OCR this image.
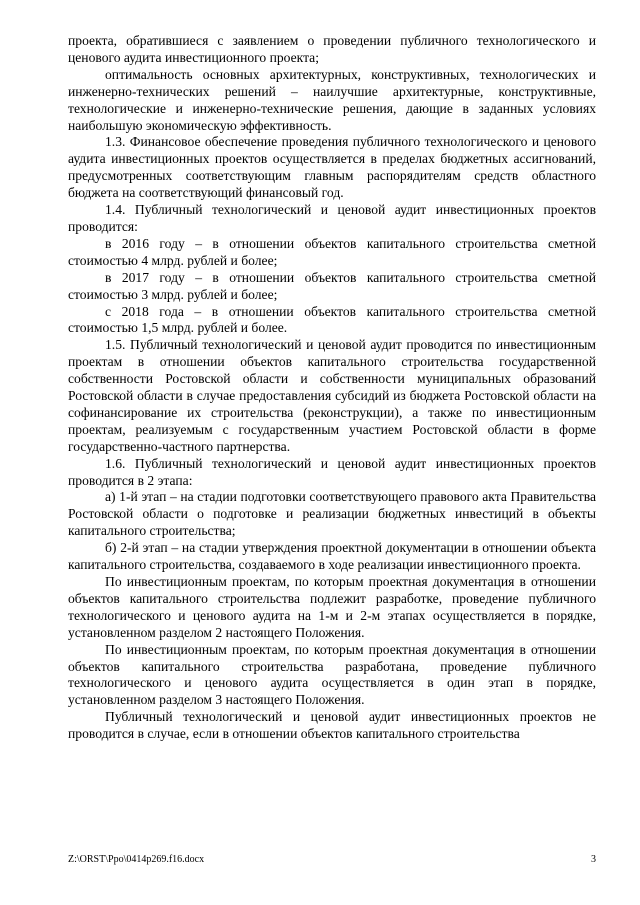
проекта, обратившиеся с заявлением о проведении публичного технологического и ценового аудита инвестиционного проекта;

оптимальность основных архитектурных, конструктивных, технологических и инженерно-технических решений – наилучшие архитектурные, конструктивные, технологические и инженерно-технические решения, дающие в заданных условиях наибольшую экономическую эффективность.

1.3. Финансовое обеспечение проведения публичного технологического и ценового аудита инвестиционных проектов осуществляется в пределах бюджетных ассигнований, предусмотренных соответствующим главным распорядителям средств областного бюджета на соответствующий финансовый год.

1.4. Публичный технологический и ценовой аудит инвестиционных проектов проводится:

в 2016 году – в отношении объектов капитального строительства сметной стоимостью 4 млрд. рублей и более;

в 2017 году – в отношении объектов капитального строительства сметной стоимостью 3 млрд. рублей и более;

с 2018 года – в отношении объектов капитального строительства сметной стоимостью 1,5 млрд. рублей и более.

1.5. Публичный технологический и ценовой аудит проводится по инвестиционным проектам в отношении объектов капитального строительства государственной собственности Ростовской области и собственности муниципальных образований Ростовской области в случае предоставления субсидий из бюджета Ростовской области на софинансирование их строительства (реконструкции), а также по инвестиционным проектам, реализуемым с государственным участием Ростовской области в форме государственно-частного партнерства.

1.6. Публичный технологический и ценовой аудит инвестиционных проектов проводится в 2 этапа:

а) 1-й этап – на стадии подготовки соответствующего правового акта Правительства Ростовской области о подготовке и реализации бюджетных инвестиций в объекты капитального строительства;

б) 2-й этап – на стадии утверждения проектной документации в отношении объекта капитального строительства, создаваемого в ходе реализации инвестиционного проекта.

По инвестиционным проектам, по которым проектная документация в отношении объектов капитального строительства подлежит разработке, проведение публичного технологического и ценового аудита на 1-м и 2-м этапах осуществляется в порядке, установленном разделом 2 настоящего Положения.

По инвестиционным проектам, по которым проектная документация в отношении объектов капитального строительства разработана, проведение публичного технологического и ценового аудита осуществляется в один этап в порядке, установленном разделом 3 настоящего Положения.

Публичный технологический и ценовой аудит инвестиционных проектов не проводится в случае, если в отношении объектов капитального строительства

Z:\ORST\Ppo\0414p269.f16.docx	3
